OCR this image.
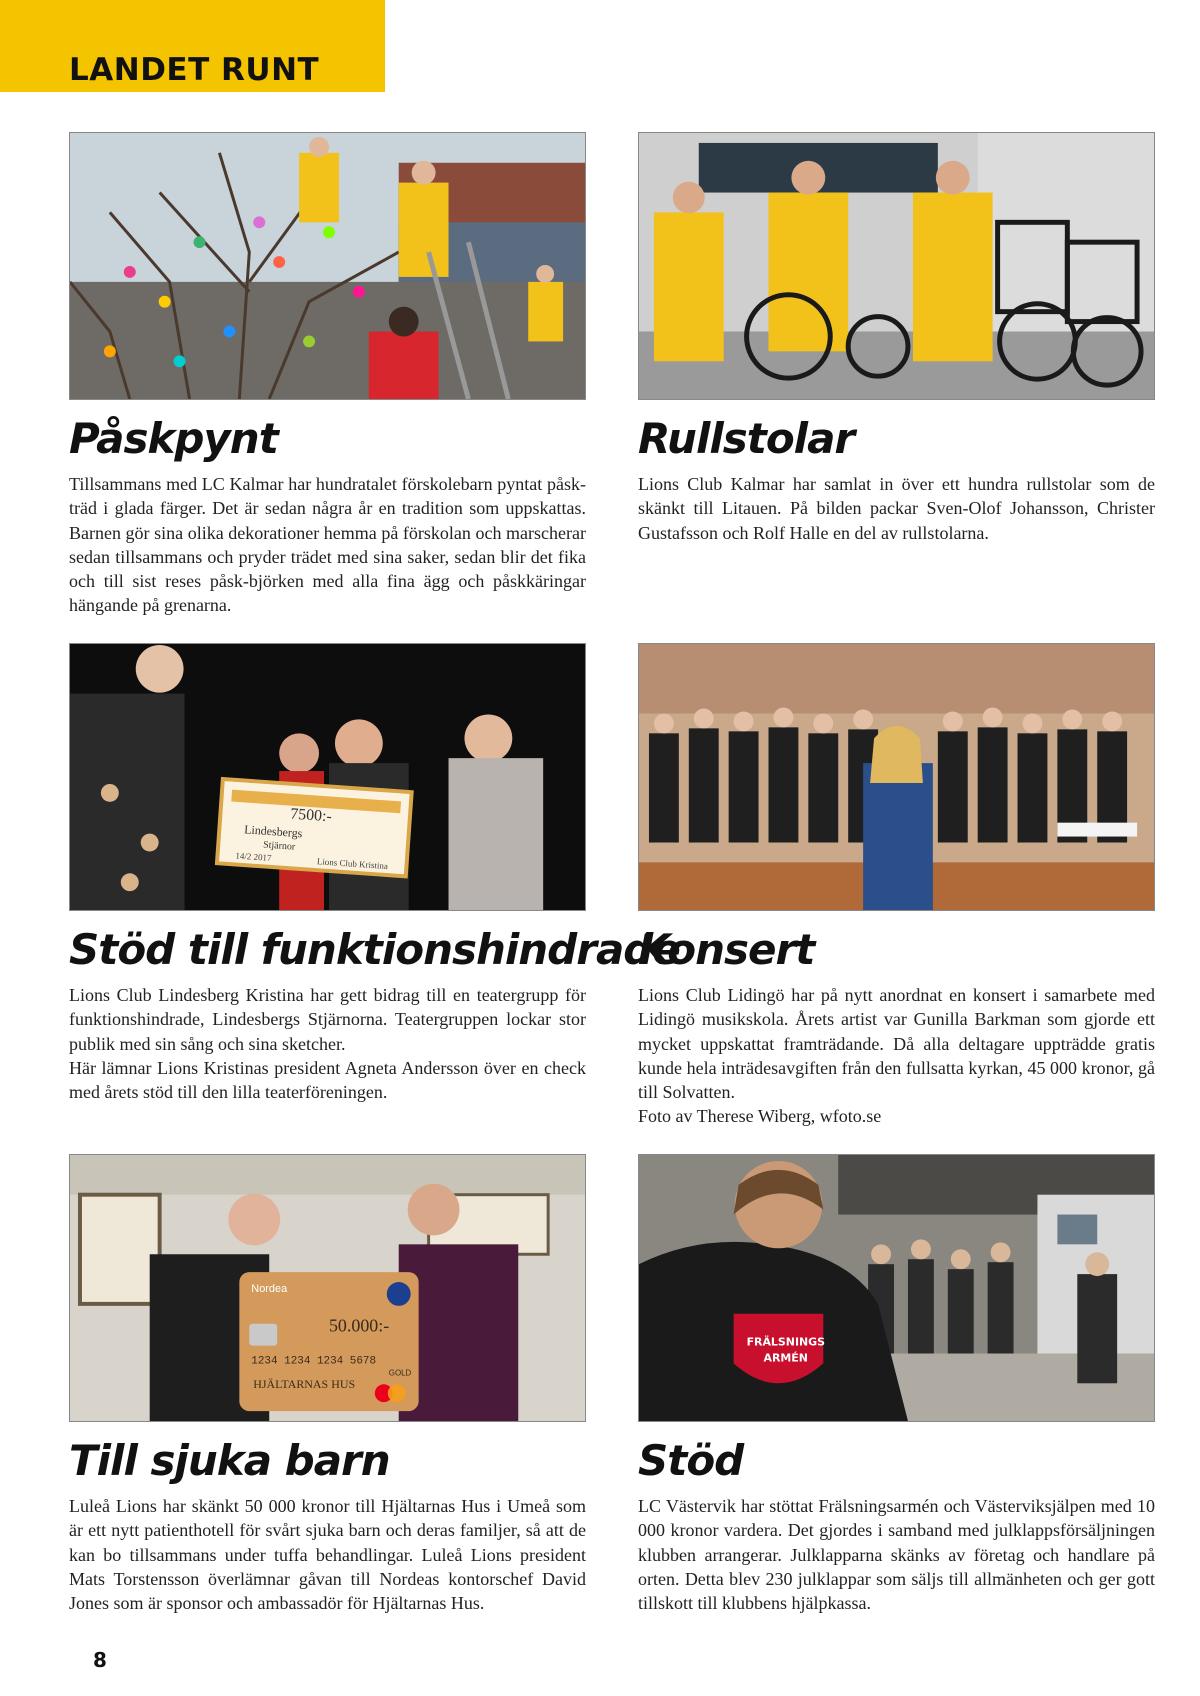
LANDET RUNT
Påskpynt

Tillsammans med LC Kalmar har hundratalet förskolebarn pyntat påsk-träd i glada färger. Det är sedan några år en tradition som uppskattas. Barnen gör sina olika dekorationer hemma på förskolan och marscherar sedan tillsammans och pryder trädet med sina saker, sedan blir det fika och till sist reses påsk-björken med alla fina ägg och påskkäringar hängande på grenarna.

Rullstolar

Lions Club Kalmar har samlat in över ett hundra rullstolar som de skänkt till Litauen. På bilden packar Sven-Olof Johansson, Christer Gustafsson och Rolf Halle en del av rullstolarna.

7500:-
Lindesbergs
Stjärnor
14/2 2017	Lions Club Kristina
Stöd till funktionshindrade

Lions Club Lindesberg Kristina har gett bidrag till en teatergrupp för funktionshindrade, Lindesbergs Stjärnorna. Teatergruppen lockar stor publik med sin sång och sina sketcher.

Här lämnar Lions Kristinas president Agneta Andersson över en check med årets stöd till den lilla teaterföreningen.

Konsert

Lions Club Lidingö har på nytt anordnat en konsert i samarbete med Lidingö musikskola. Årets artist var Gunilla Barkman som gjorde ett mycket uppskattat framträdande. Då alla deltagare uppträdde gratis kunde hela inträdesavgiften från den fullsatta kyrkan, 45 000 kronor, gå till Solvatten.

Foto av Therese Wiberg, wfoto.se

Nordea
50.000:-
1234 1234 1234 5678
GOLD
HJÄLTARNAS HUS
Till sjuka barn

Luleå Lions har skänkt 50 000 kronor till Hjältarnas Hus i Umeå som är ett nytt patienthotell för svårt sjuka barn och deras familjer, så att de kan bo tillsammans under tuffa behandlingar. Luleå Lions president Mats Torstensson överlämnar gåvan till Nordeas kontorschef David Jones som är sponsor och ambassadör för Hjältarnas Hus.

FRÄLSNINGS
ARMÉN
Stöd

LC Västervik har stöttat Frälsningsarmén och Västerviksjälpen med 10 000 kronor vardera. Det gjordes i samband med julklappsförsäljningen klubben arrangerar. Julklapparna skänks av företag och handlare på orten. Detta blev 230 julklappar som säljs till allmänheten och ger gott tillskott till klubbens hjälpkassa.

8
